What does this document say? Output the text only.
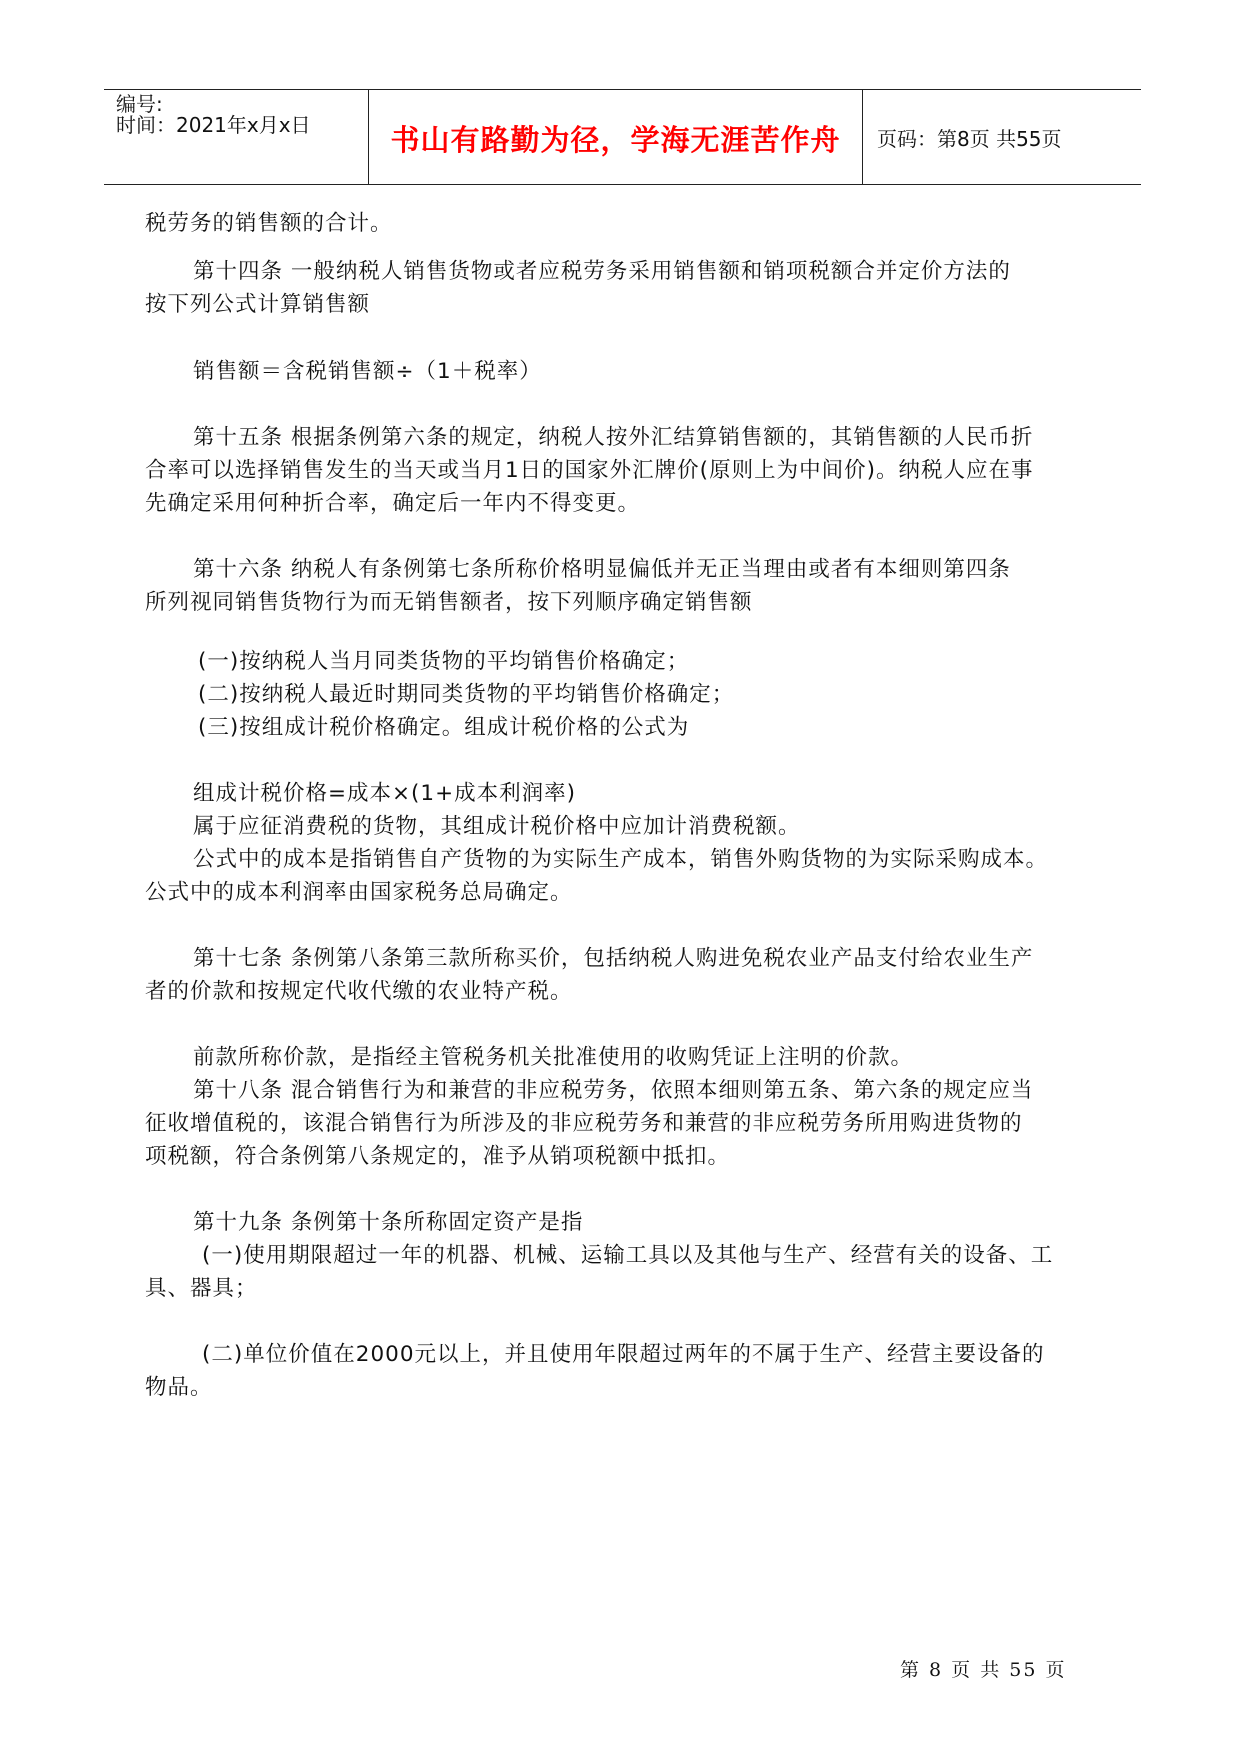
编号:
时间：2021年x月x日	书山有路勤为径，学海无涯苦作舟	页码：第8页 共55页
税劳务的销售额的合计。
第十四条 一般纳税人销售货物或者应税劳务采用销售额和销项税额合并定价方法的
按下列公式计算销售额
销售额＝含税销售额÷（1＋税率）
第十五条 根据条例第六条的规定，纳税人按外汇结算销售额的，其销售额的人民币折
合率可以选择销售发生的当天或当月1日的国家外汇牌价(原则上为中间价)。纳税人应在事
先确定采用何种折合率，确定后一年内不得变更。
第十六条 纳税人有条例第七条所称价格明显偏低并无正当理由或者有本细则第四条
所列视同销售货物行为而无销售额者，按下列顺序确定销售额
(一)按纳税人当月同类货物的平均销售价格确定；
(二)按纳税人最近时期同类货物的平均销售价格确定；
(三)按组成计税价格确定。组成计税价格的公式为
组成计税价格=成本×(1+成本利润率)
属于应征消费税的货物，其组成计税价格中应加计消费税额。
公式中的成本是指销售自产货物的为实际生产成本，销售外购货物的为实际采购成本。
公式中的成本利润率由国家税务总局确定。
第十七条 条例第八条第三款所称买价，包括纳税人购进免税农业产品支付给农业生产
者的价款和按规定代收代缴的农业特产税。
前款所称价款，是指经主管税务机关批准使用的收购凭证上注明的价款。
第十八条 混合销售行为和兼营的非应税劳务，依照本细则第五条、第六条的规定应当
征收增值税的，该混合销售行为所涉及的非应税劳务和兼营的非应税劳务所用购进货物的
项税额，符合条例第八条规定的，准予从销项税额中抵扣。
第十九条 条例第十条所称固定资产是指
(一)使用期限超过一年的机器、机械、运输工具以及其他与生产、经营有关的设备、工
具、器具；
(二)单位价值在2000元以上，并且使用年限超过两年的不属于生产、经营主要设备的
物品。
第 8 页 共 55 页
